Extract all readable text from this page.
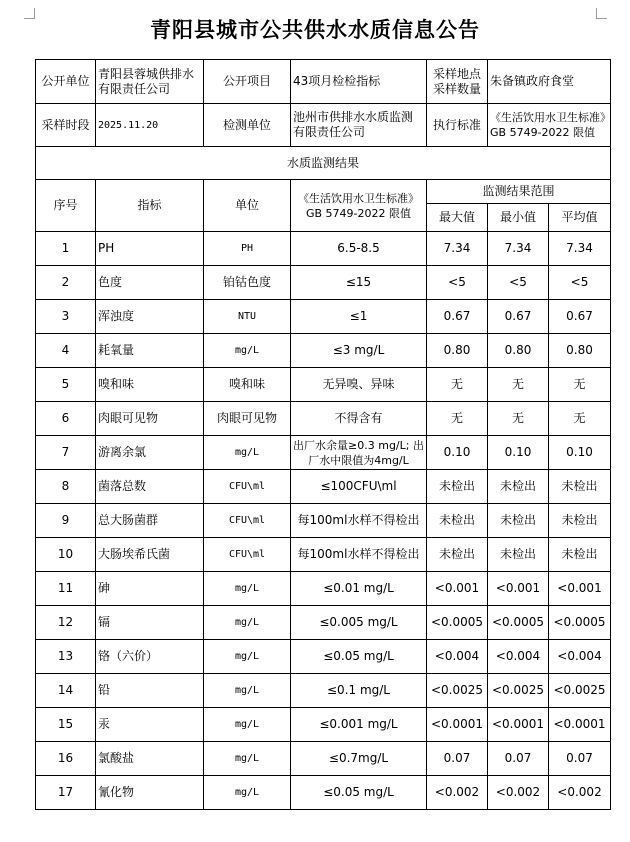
青阳县城市公共供水水质信息公告
公开单位	青阳县蓉城供排水有限责任公司	公开项目	43项月检检指标	采样地点采样数量	朱备镇政府食堂	
采样时段	2025.11.20	检测单位	池州市供排水水质监测有限责任公司	执行标准	《生活饮用水卫生标准》GB 5749-2022 限值	
水质监测结果						
序号	指标	单位	《生活饮用水卫生标准》GB 5749-2022 限值	监测结果范围		
				最大值	最小值	平均值
1	PH	PH	6.5-8.5	7.34	7.34	7.34
2	色度	铂钴色度	≤15	<5	<5	<5
3	浑浊度	NTU	≤1	0.67	0.67	0.67
4	耗氧量	mg/L	≤3 mg/L	0.80	0.80	0.80
5	嗅和味	嗅和味	无异嗅、异味	无	无	无
6	肉眼可见物	肉眼可见物	不得含有	无	无	无
7	游离余氯	mg/L	出厂水余量≥0.3 mg/L; 出厂水中限值为4mg/L	0.10	0.10	0.10
8	菌落总数	CFU\ml	≤100CFU\ml	未检出	未检出	未检出
9	总大肠菌群	CFU\ml	每100ml水样不得检出	未检出	未检出	未检出
10	大肠埃希氏菌	CFU\ml	每100ml水样不得检出	未检出	未检出	未检出
11	砷	mg/L	≤0.01 mg/L	<0.001	<0.001	<0.001
12	镉	mg/L	≤0.005 mg/L	<0.0005	<0.0005	<0.0005
13	铬（六价）	mg/L	≤0.05 mg/L	<0.004	<0.004	<0.004
14	铅	mg/L	≤0.1 mg/L	<0.0025	<0.0025	<0.0025
15	汞	mg/L	≤0.001 mg/L	<0.0001	<0.0001	<0.0001
16	氯酸盐	mg/L	≤0.7mg/L	0.07	0.07	0.07
17	氰化物	mg/L	≤0.05 mg/L	<0.002	<0.002	<0.002
